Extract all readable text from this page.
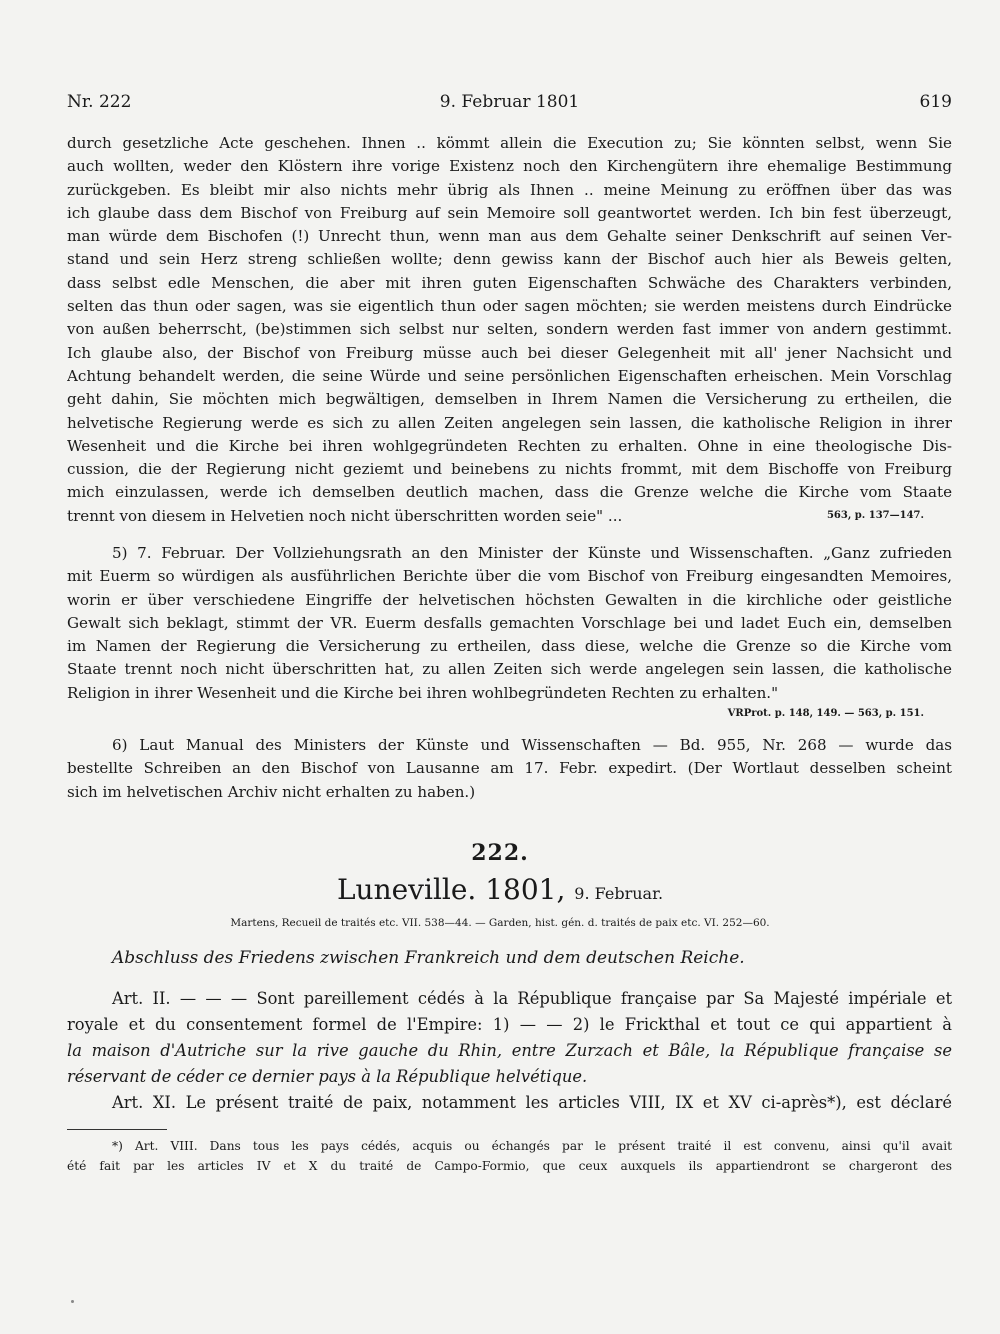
Nr. 222	9. Februar 1801	619
durch gesetzliche Acte geschehen. Ihnen .. kömmt allein die Execution zu; Sie könnten selbst, wenn Sie
auch wollten, weder den Klöstern ihre vorige Existenz noch den Kirchengütern ihre ehemalige Bestimmung
zurückgeben. Es bleibt mir also nichts mehr übrig als Ihnen .. meine Meinung zu eröffnen über das was
ich glaube dass dem Bischof von Freiburg auf sein Memoire soll geantwortet werden. Ich bin fest überzeugt,
man würde dem Bischofen (!) Unrecht thun, wenn man aus dem Gehalte seiner Denkschrift auf seinen Ver-
stand und sein Herz streng schließen wollte; denn gewiss kann der Bischof auch hier als Beweis gelten,
dass selbst edle Menschen, die aber mit ihren guten Eigenschaften Schwäche des Charakters verbinden,
selten das thun oder sagen, was sie eigentlich thun oder sagen möchten; sie werden meistens durch Eindrücke
von außen beherrscht, (be)stimmen sich selbst nur selten, sondern werden fast immer von andern gestimmt.
Ich glaube also, der Bischof von Freiburg müsse auch bei dieser Gelegenheit mit all' jener Nachsicht und
Achtung behandelt werden, die seine Würde und seine persönlichen Eigenschaften erheischen. Mein Vorschlag
geht dahin, Sie möchten mich begwältigen, demselben in Ihrem Namen die Versicherung zu ertheilen, die
helvetische Regierung werde es sich zu allen Zeiten angelegen sein lassen, die katholische Religion in ihrer
Wesenheit und die Kirche bei ihren wohlgegründeten Rechten zu erhalten. Ohne in eine theologische Dis-
cussion, die der Regierung nicht geziemt und beinebens zu nichts frommt, mit dem Bischoffe von Freiburg
mich einzulassen, werde ich demselben deutlich machen, dass die Grenze welche die Kirche vom Staate
trennt von diesem in Helvetien noch nicht überschritten worden seie" ...	563, p. 137—147.
5) 7. Februar. Der Vollziehungsrath an den Minister der Künste und Wissenschaften. „Ganz zufrieden
mit Euerm so würdigen als ausführlichen Berichte über die vom Bischof von Freiburg eingesandten Memoires,
worin er über verschiedene Eingriffe der helvetischen höchsten Gewalten in die kirchliche oder geistliche
Gewalt sich beklagt, stimmt der VR. Euerm desfalls gemachten Vorschlage bei und ladet Euch ein, demselben
im Namen der Regierung die Versicherung zu ertheilen, dass diese, welche die Grenze so die Kirche vom
Staate trennt noch nicht überschritten hat, zu allen Zeiten sich werde angelegen sein lassen, die katholische
Religion in ihrer Wesenheit und die Kirche bei ihren wohlbegründeten Rechten zu erhalten."
VRProt. p. 148, 149. — 563, p. 151.
6) Laut Manual des Ministers der Künste und Wissenschaften — Bd. 955, Nr. 268 — wurde das
bestellte Schreiben an den Bischof von Lausanne am 17. Febr. expedirt. (Der Wortlaut desselben scheint
sich im helvetischen Archiv nicht erhalten zu haben.)
222.
Luneville. 1801, 9. Februar.
Martens, Recueil de traités etc. VII. 538—44. — Garden, hist. gén. d. traités de paix etc. VI. 252—60.
Abschluss des Friedens zwischen Frankreich und dem deutschen Reiche.
Art. II. — — — Sont pareillement cédés à la République française par Sa Majesté impériale et
royale et du consentement formel de l'Empire: 1) — — 2) le Frickthal et tout ce qui appartient à
la maison d'Autriche sur la rive gauche du Rhin, entre Zurzach et Bâle, la République française se
réservant de céder ce dernier pays à la République helvétique.
Art. XI. Le présent traité de paix, notamment les articles VIII, IX et XV ci-après*), est déclaré
*) Art. VIII. Dans tous les pays cédés, acquis ou échangés par le présent traité il est convenu, ainsi qu'il avait
été fait par les articles IV et X du traité de Campo-Formio, que ceux auxquels ils appartiendront se chargeront des
